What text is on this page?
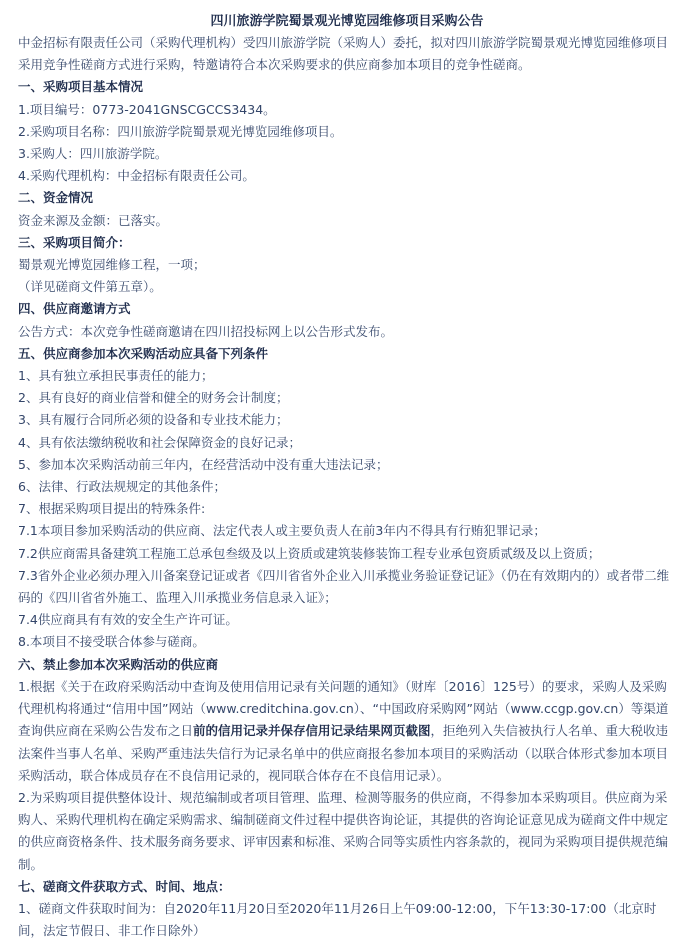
四川旅游学院蜀景观光博览园维修项目采购公告

中金招标有限责任公司（采购代理机构）受四川旅游学院（采购人）委托，拟对四川旅游学院蜀景观光博览园维修项目采用竞争性磋商方式进行采购，特邀请符合本次采购要求的供应商参加本项目的竞争性磋商。

一、采购项目基本情况

1.项目编号：0773-2041GNSCGCCS3434。

2.采购项目名称：四川旅游学院蜀景观光博览园维修项目。

3.采购人：四川旅游学院。

4.采购代理机构：中金招标有限责任公司。

二、资金情况

资金来源及金额：已落实。

三、采购项目简介：

蜀景观光博览园维修工程，一项；

（详见磋商文件第五章）。

四、供应商邀请方式

公告方式：本次竞争性磋商邀请在四川招投标网上以公告形式发布。

五、供应商参加本次采购活动应具备下列条件

1、具有独立承担民事责任的能力；

2、具有良好的商业信誉和健全的财务会计制度；

3、具有履行合同所必须的设备和专业技术能力；

4、具有依法缴纳税收和社会保障资金的良好记录；

5、参加本次采购活动前三年内，在经营活动中没有重大违法记录；

6、法律、行政法规规定的其他条件；

7、根据采购项目提出的特殊条件:

7.1本项目参加采购活动的供应商、法定代表人或主要负责人在前3年内不得具有行贿犯罪记录；

7.2供应商需具备建筑工程施工总承包叁级及以上资质或建筑装修装饰工程专业承包资质贰级及以上资质；

7.3省外企业必须办理入川备案登记证或者《四川省省外企业入川承揽业务验证登记证》（仍在有效期内的）或者带二维码的《四川省省外施工、监理入川承揽业务信息录入证》；

7.4供应商具有有效的安全生产许可证。

8.本项目不接受联合体参与磋商。

六、禁止参加本次采购活动的供应商

1.根据《关于在政府采购活动中查询及使用信用记录有关问题的通知》（财库〔2016〕125号）的要求，采购人及采购代理机构将通过“信用中国”网站（www.creditchina.gov.cn）、“中国政府采购网”网站（www.ccgp.gov.cn）等渠道查询供应商在采购公告发布之日前的信用记录并保存信用记录结果网页截图，拒绝列入失信被执行人名单、重大税收违法案件当事人名单、采购严重违法失信行为记录名单中的供应商报名参加本项目的采购活动（以联合体形式参加本项目采购活动，联合体成员存在不良信用记录的，视同联合体存在不良信用记录）。

2.为采购项目提供整体设计、规范编制或者项目管理、监理、检测等服务的供应商，不得参加本采购项目。供应商为采购人、采购代理机构在确定采购需求、编制磋商文件过程中提供咨询论证，其提供的咨询论证意见成为磋商文件中规定的供应商资格条件、技术服务商务要求、评审因素和标准、采购合同等实质性内容条款的，视同为采购项目提供规范编制。

七、磋商文件获取方式、时间、地点：

1、磋商文件获取时间为：自2020年11月20日至2020年11月26日上午09:00-12:00，下午13:30-17:00（北京时间，法定节假日、非工作日除外）
